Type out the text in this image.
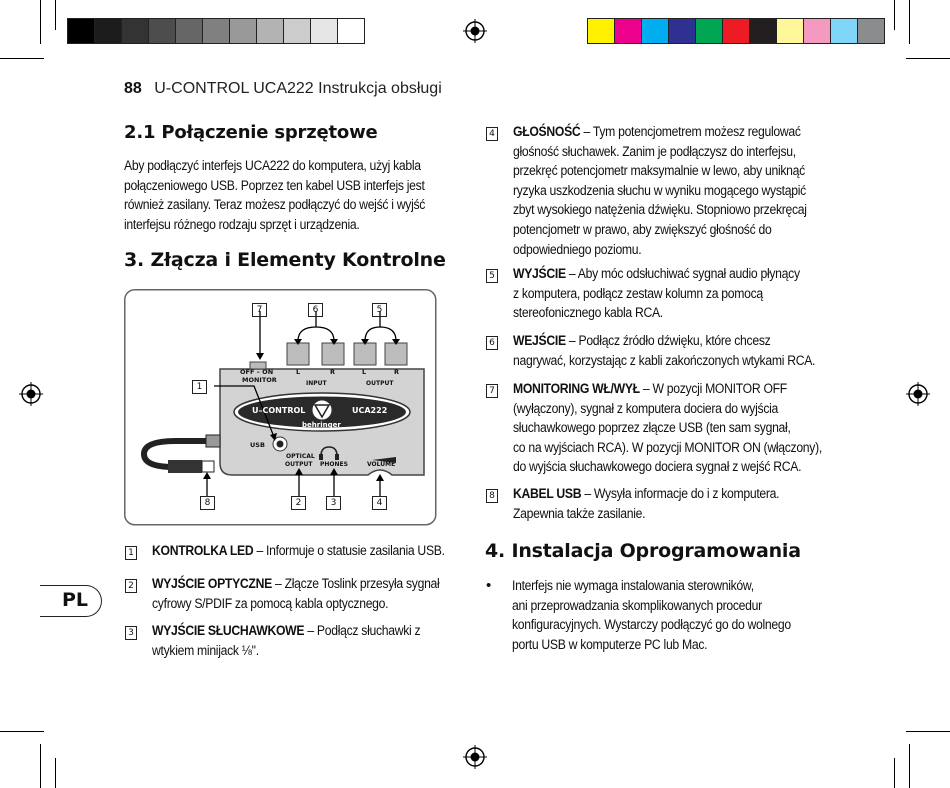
88 U-CONTROL UCA222 Instrukcja obsługi
PL
2.1 Połączenie sprzętowe
Aby podłączyć interfejs UCA222 do komputera, użyj kabla
połączeniowego USB. Poprzez ten kabel USB interfejs jest
również zasilany. Teraz możesz podłączyć do wejść i wyjść
interfejsu różnego rodzaju sprzęt i urządzenia.
3. Złącza i Elementy Kontrolne
OFF – ON
MONITOR
L	R	L	R
INPUT	OUTPUT
U–CONTROL	UCA222
behringer
USB
OPTICAL
OUTPUT PHONES	VOLUME
7	6	5
1
8	2	3	4
1 KONTROLKA LED – Informuje o statusie zasilania USB.
2 WYJŚCIE OPTYCZNE – Złącze Toslink przesyła sygnał
cyfrowy S/PDIF za pomocą kabla optycznego.
3 WYJŚCIE SŁUCHAWKOWE – Podłącz słuchawki z
wtykiem minijack ⅛".
4 GŁOŚNOŚĆ – Tym potencjometrem możesz regulować
głośność słuchawek. Zanim je podłączysz do interfejsu,
przekręć potencjometr maksymalnie w lewo, aby uniknąć
ryzyka uszkodzenia słuchu w wyniku mogącego wystąpić
zbyt wysokiego natężenia dźwięku. Stopniowo przekręcaj
potencjometr w prawo, aby zwiększyć głośność do
odpowiedniego poziomu.
5 WYJŚCIE – Aby móc odsłuchiwać sygnał audio płynący
z komputera, podłącz zestaw kolumn za pomocą
stereofonicznego kabla RCA.
6 WEJŚCIE – Podłącz źródło dźwięku, które chcesz
nagrywać, korzystając z kabli zakończonych wtykami RCA.
7 MONITORING WŁ/WYŁ – W pozycji MONITOR OFF
(wyłączony), sygnał z komputera dociera do wyjścia
słuchawkowego poprzez złącze USB (ten sam sygnał,
co na wyjściach RCA). W pozycji MONITOR ON (włączony),
do wyjścia słuchawkowego dociera sygnał z wejść RCA.
8 KABEL USB – Wysyła informacje do i z komputera.
Zapewnia także zasilanie.
4. Instalacja Oprogramowania
• Interfejs nie wymaga instalowania sterowników,
ani przeprowadzania skomplikowanych procedur
konfiguracyjnych. Wystarczy podłączyć go do wolnego
portu USB w komputerze PC lub Mac.
